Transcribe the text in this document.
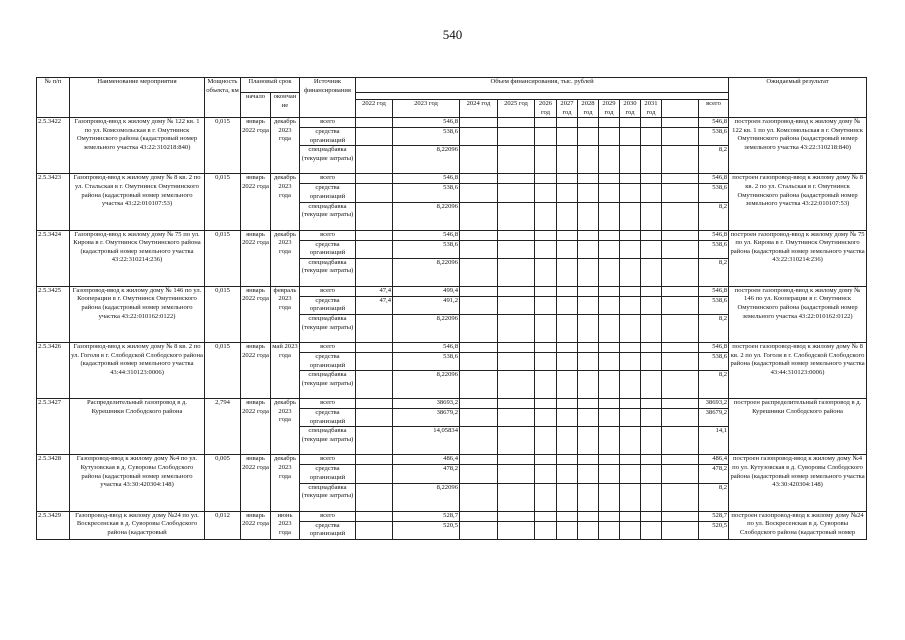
540
№ п/п	Наименование мероприятия	Мощность объекта, км	Плановый срок		Источник финансирования	Объем финансирования, тыс. рублей												Ожидаемый результат
			начало	окончание														
						2022 год	2023 год	2024 год	2025 год	2026 год	2027 год	2028 год	2029 год	2030 год	2031 год		всего	
2.5.3422	Газопровод-ввод к жилому дому № 122 кв. 1 по ул. Комсомольская в г. Омутнинск Омутнинского района (кадастровый номер земельного участка 43:22:310218:840)	0,015	январь 2022 года	декабрь 2023 года	всего		546,8										546,8	построен газопровод-ввод к жилому дому № 122 кв. 1 по ул. Комсомольская в г. Омутнинск Омутнинского района (кадастровый номер земельного участка 43:22:310218:840)
					средства организаций		538,6										538,6	
					спецнадбавка (текущие затраты)		8,22096										8,2	
2.5.3423	Газопровод-ввод к жилому дому № 8 кв. 2 по ул. Стальская в г. Омутнинск Омутнинского района (кадастровый номер земельного участка 43:22:010107:53)	0,015	январь 2022 года	декабрь 2023 года	всего		546,8										546,8	построен газопровод-ввод к жилому дому № 8 кв. 2 по ул. Стальская в г. Омутнинск Омутнинского района (кадастровый номер земельного участка 43:22:010107:53)
					средства организаций		538,6										538,6	
					спецнадбавка (текущие затраты)		8,22096										8,2	
2.5.3424	Газопровод-ввод к жилому дому № 75 по ул. Кирова в г. Омутнинск Омутнинского района (кадастровый номер земельного участка 43:22:310214:236)	0,015	январь 2022 года	декабрь 2023 года	всего		546,8										546,8	построен газопровод-ввод к жилому дому № 75 по ул. Кирова в г. Омутнинск Омутнинского района (кадастровый номер земельного участка 43:22:310214:236)
					средства организаций		538,6										538,6	
					спецнадбавка (текущие затраты)		8,22096										8,2	
2.5.3425	Газопровод-ввод к жилому дому № 146 по ул. Кооперации в г. Омутнинск Омутнинского района (кадастровый номер земельного участка 43:22:010162:0122)	0,015	январь 2022 года	февраль 2023 года	всего	47,4	499,4										546,8	построен газопровод-ввод к жилому дому № 146 по ул. Кооперации в г. Омутнинск Омутнинского района (кадастровый номер земельного участка 43:22:010162:0122)
					средства организаций	47,4	491,2										538,6	
					спецнадбавка (текущие затраты)		8,22096										8,2	
2.5.3426	Газопровод-ввод к жилому дому № 8 кв. 2 по ул. Гоголя в г. Слободской Слободского района (кадастровый номер земельного участка 43:44:310123:0006)	0,015	январь 2022 года	май 2023 года	всего		546,8										546,8	построен газопровод-ввод к жилому дому № 8 кв. 2 по ул. Гоголя в г. Слободской Слободского района (кадастровый номер земельного участка 43:44:310123:0006)
					средства организаций		538,6										538,6	
					спецнадбавка (текущие затраты)		8,22096										8,2	
2.5.3427	Распределительный газопровод в д. Курешники Слободского района	2,794	январь 2022 года	декабрь 2023 года	всего		38693,2										38693,2	построен распределительный газопровод в д. Курешники Слободского района
					средства организаций		38679,2										38679,2	
					спецнадбавка (текущие затраты)		14,05834										14,1	
2.5.3428	Газопровод-ввод к жилому дому №4 по ул. Кутузовская в д. Суворовы Слободского района (кадастровый номер земельного участка 43:30:420304:148)	0,005	январь 2022 года	декабрь 2023 года	всего		486,4										486,4	построен газопровод-ввод к жилому дому №4 по ул. Кутузовская в д. Суворовы Слободского района (кадастровый номер земельного участка 43:30:420304:148)
					средства организаций		478,2										478,2	
					спецнадбавка (текущие затраты)		8,22096										8,2	
2.5.3429	Газопровод-ввод к жилому дому №24 по ул. Воскресенская в д. Суворовы Слободского района (кадастровый	0,012	январь 2022 года	июнь 2023 года	всего		528,7										528,7	построен газопровод-ввод к жилому дому №24 по ул. Воскресенская в д. Суворовы Слободского района (кадастровый номер
					средства организаций		520,5										520,5	
